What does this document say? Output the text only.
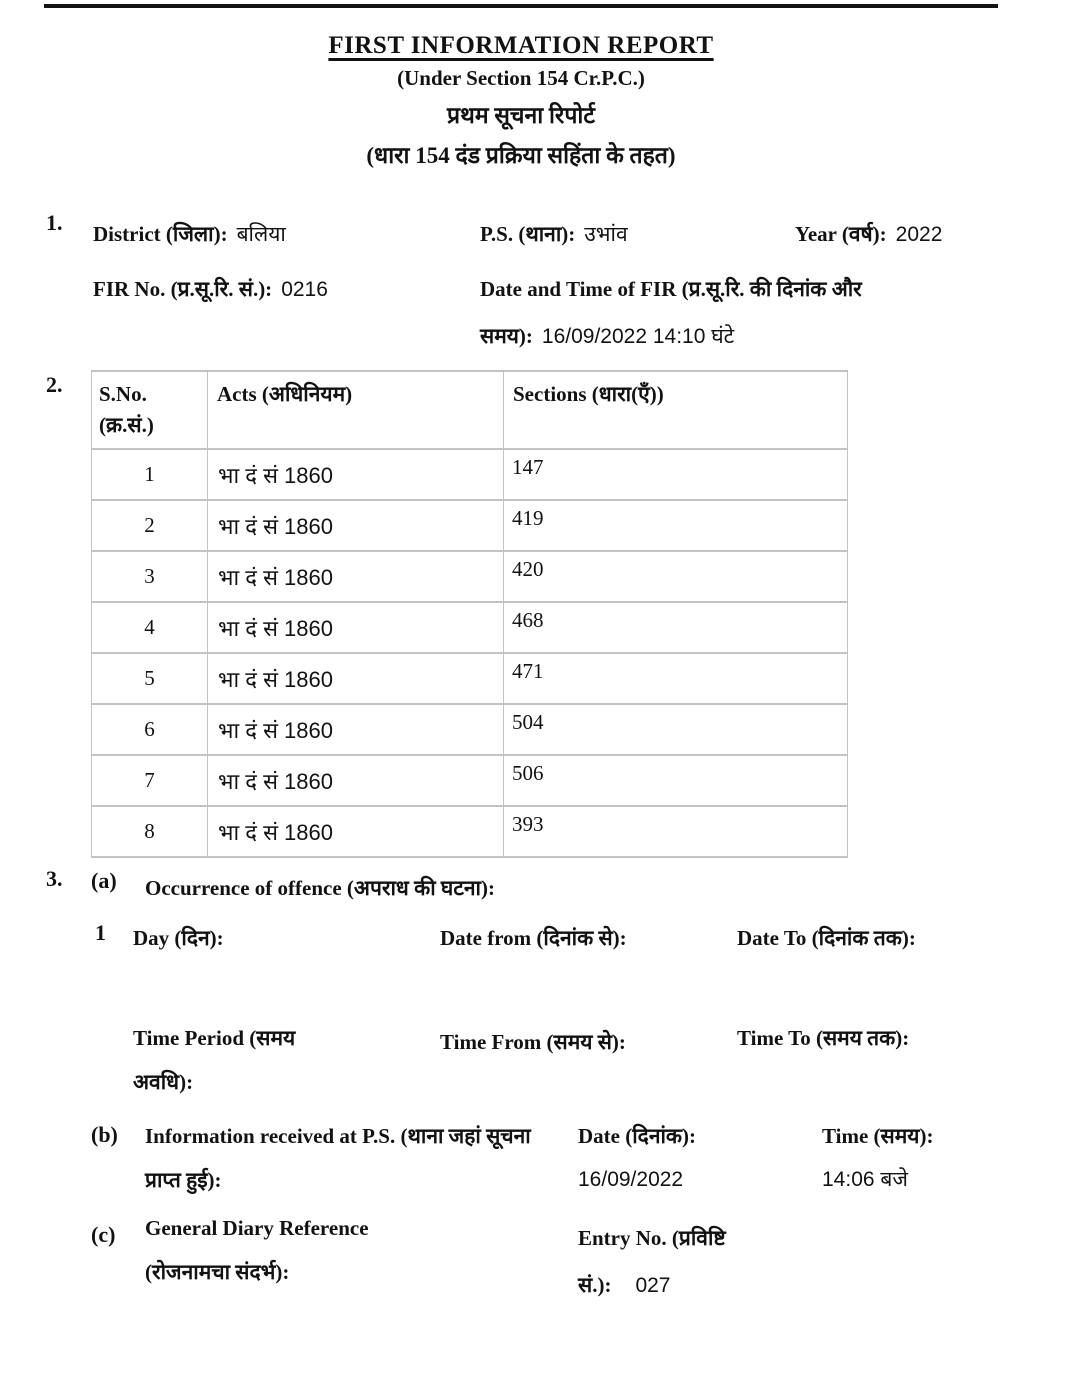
FIRST INFORMATION REPORT
(Under Section 154 Cr.P.C.)
प्रथम सूचना रिपोर्ट
(धारा 154 दंड प्रक्रिया सहिंता के तहत)
1. District (जिला): बलिया	P.S. (थाना): उभांव	Year (वर्ष): 2022
FIR No. (प्र.सू.रि. सं.): 0216	Date and Time of FIR (प्र.सू.रि. की दिनांक और समय): 16/09/2022 14:10 घंटे
2. S.No. (क्र.सं.)	Acts (अधिनियम)	Sections (धारा(एँ))
1	भा दं सं 1860	147
2	भा दं सं 1860	419
3	भा दं सं 1860	420
4	भा दं सं 1860	468
5	भा दं सं 1860	471
6	भा दं सं 1860	504
7	भा दं सं 1860	506
8	भा दं सं 1860	393
3. (a) Occurrence of offence (अपराध की घटना):
1 Day (दिन):	Date from (दिनांक से):	Date To (दिनांक तक):
Time Period (समय अवधि):
Time From (समय से):	Time To (समय तक):
(b) Information received at P.S. (थाना जहां सूचना प्राप्त हुई):
Date (दिनांक):
16/09/2022
Time (समय):
14:06 बजे
(c) General Diary Reference (रोजनामचा संदर्भ):
Entry No. (प्रविष्टि सं.): 027
